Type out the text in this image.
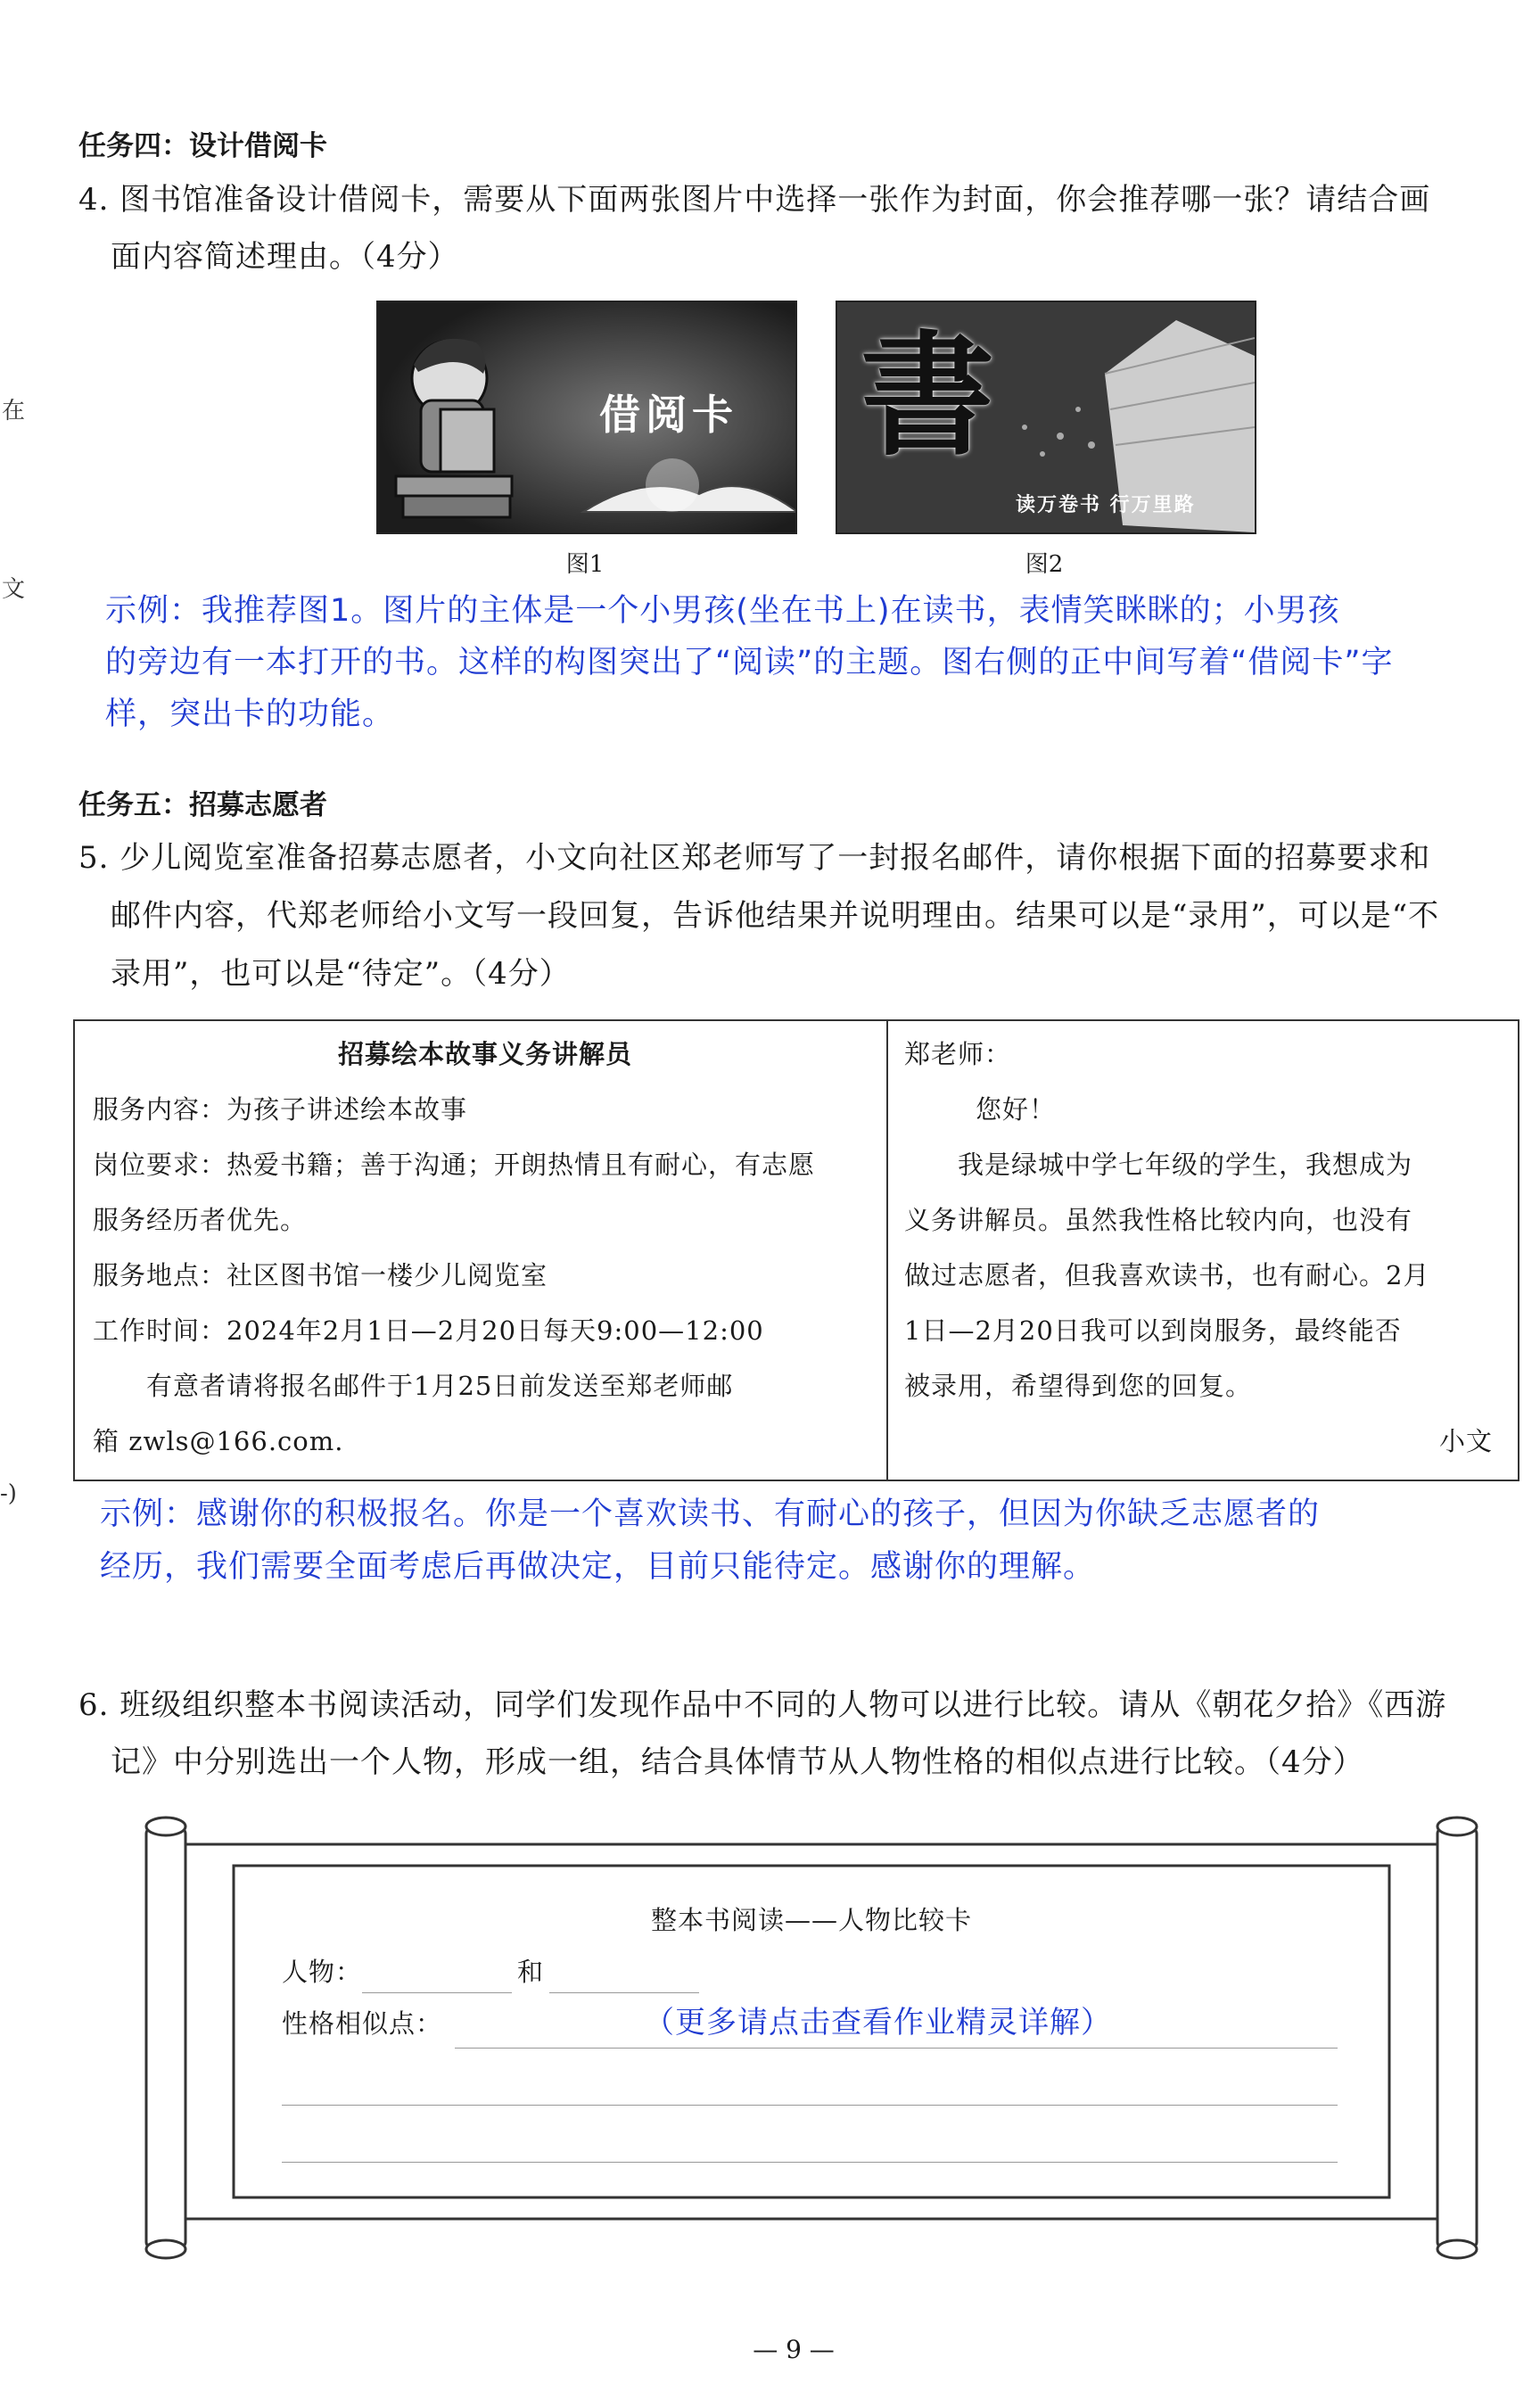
在
文
-)
任务四：设计借阅卡
4. 图书馆准备设计借阅卡，需要从下面两张图片中选择一张作为封面，你会推荐哪一张？请结合画
面内容简述理由。（4分）
借阅卡
图1
書
读万卷书 行万里路
图2
示例：我推荐图1。图片的主体是一个小男孩(坐在书上)在读书，表情笑眯眯的；小男孩
的旁边有一本打开的书。这样的构图突出了“阅读”的主题。图右侧的正中间写着“借阅卡”字
样，突出卡的功能。
任务五：招募志愿者
5. 少儿阅览室准备招募志愿者，小文向社区郑老师写了一封报名邮件，请你根据下面的招募要求和
邮件内容，代郑老师给小文写一段回复，告诉他结果并说明理由。结果可以是“录用”，可以是“不
录用”，也可以是“待定”。（4分）
招募绘本故事义务讲解员
服务内容：为孩子讲述绘本故事
岗位要求：热爱书籍；善于沟通；开朗热情且有耐心，有志愿
服务经历者优先。
服务地点：社区图书馆一楼少儿阅览室
工作时间：2024年2月1日—2月20日每天9:00—12:00
　　有意者请将报名邮件于1月25日前发送至郑老师邮
箱 zwls@166.com.
郑老师：
您好！
　　我是绿城中学七年级的学生，我想成为
义务讲解员。虽然我性格比较内向，也没有
做过志愿者，但我喜欢读书，也有耐心。2月
1日—2月20日我可以到岗服务，最终能否
被录用，希望得到您的回复。
小文
示例：感谢你的积极报名。你是一个喜欢读书、有耐心的孩子，但因为你缺乏志愿者的
经历，我们需要全面考虑后再做决定，目前只能待定。感谢你的理解。
6. 班级组织整本书阅读活动，同学们发现作品中不同的人物可以进行比较。请从《朝花夕拾》《西游
记》中分别选出一个人物，形成一组，结合具体情节从人物性格的相似点进行比较。（4分）
整本书阅读——人物比较卡
人物：	和
性格相似点：	（更多请点击查看作业精灵详解）
— 9 —
